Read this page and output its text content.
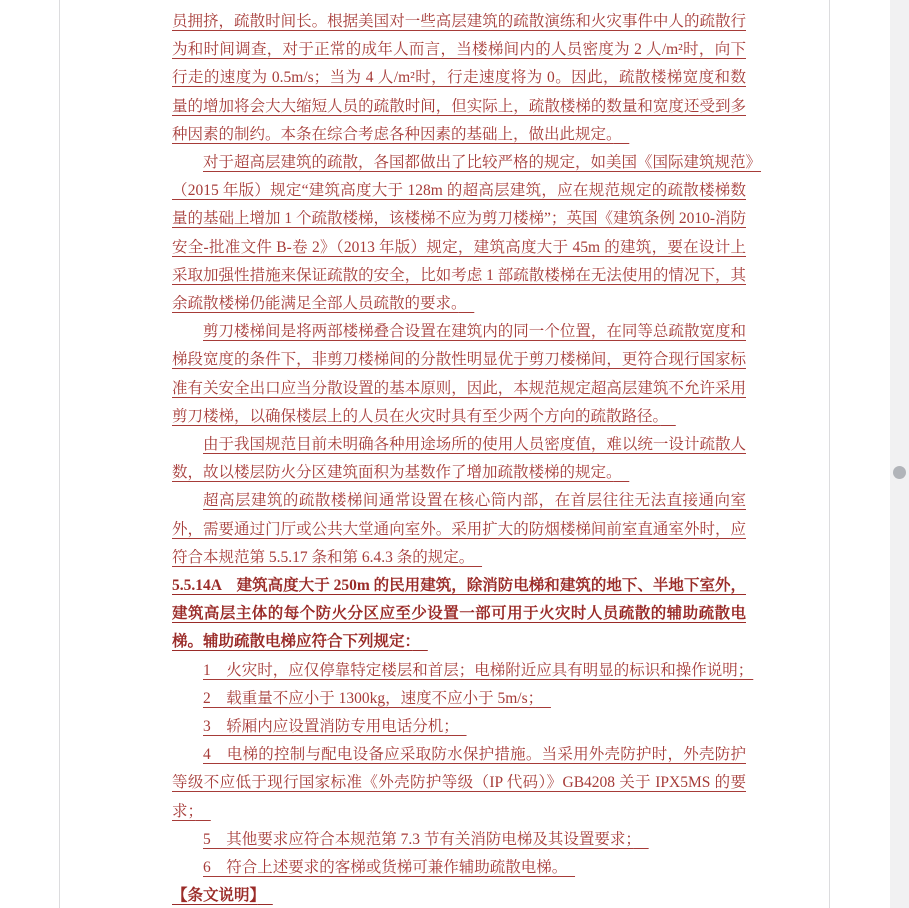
员拥挤，疏散时间长。根据美国对一些高层建筑的疏散演练和火灾事件中人的疏散行
为和时间调查，对于正常的成年人而言，当楼梯间内的人员密度为 2 人/m²时，向下
行走的速度为 0.5m/s；当为 4 人/m²时，行走速度将为 0。因此，疏散楼梯宽度和数
量的增加将会大大缩短人员的疏散时间，但实际上，疏散楼梯的数量和宽度还受到多
种因素的制约。本条在综合考虑各种因素的基础上，做出此规定。
对于超高层建筑的疏散，各国都做出了比较严格的规定，如美国《国际建筑规范》
（2015 年版）规定“建筑高度大于 128m 的超高层建筑，应在规范规定的疏散楼梯数
量的基础上增加 1 个疏散楼梯，该楼梯不应为剪刀楼梯”；英国《建筑条例 2010-消防
安全-批准文件 B-卷 2》（2013 年版）规定，建筑高度大于 45m 的建筑，要在设计上
采取加强性措施来保证疏散的安全，比如考虑 1 部疏散楼梯在无法使用的情况下，其
余疏散楼梯仍能满足全部人员疏散的要求。
剪刀楼梯间是将两部楼梯叠合设置在建筑内的同一个位置，在同等总疏散宽度和
梯段宽度的条件下，非剪刀楼梯间的分散性明显优于剪刀楼梯间，更符合现行国家标
准有关安全出口应当分散设置的基本原则，因此，本规范规定超高层建筑不允许采用
剪刀楼梯，以确保楼层上的人员在火灾时具有至少两个方向的疏散路径。
由于我国规范目前未明确各种用途场所的使用人员密度值，难以统一设计疏散人
数，故以楼层防火分区建筑面积为基数作了增加疏散楼梯的规定。
超高层建筑的疏散楼梯间通常设置在核心筒内部，在首层往往无法直接通向室
外，需要通过门厅或公共大堂通向室外。采用扩大的防烟楼梯间前室直通室外时，应
符合本规范第 5.5.17 条和第 6.4.3 条的规定。
5.5.14A　建筑高度大于 250m 的民用建筑，除消防电梯和建筑的地下、半地下室外，
建筑高层主体的每个防火分区应至少设置一部可用于火灾时人员疏散的辅助疏散电
梯。辅助疏散电梯应符合下列规定：
1　火灾时，应仅停靠特定楼层和首层；电梯附近应具有明显的标识和操作说明；
2　载重量不应小于 1300kg，速度不应小于 5m/s；
3　轿厢内应设置消防专用电话分机；
4　电梯的控制与配电设备应采取防水保护措施。当采用外壳防护时，外壳防护
等级不应低于现行国家标准《外壳防护等级（IP 代码）》GB4208 关于 IPX5MS 的要
求；
5　其他要求应符合本规范第 7.3 节有关消防电梯及其设置要求；
6　符合上述要求的客梯或货梯可兼作辅助疏散电梯。
【条文说明】
